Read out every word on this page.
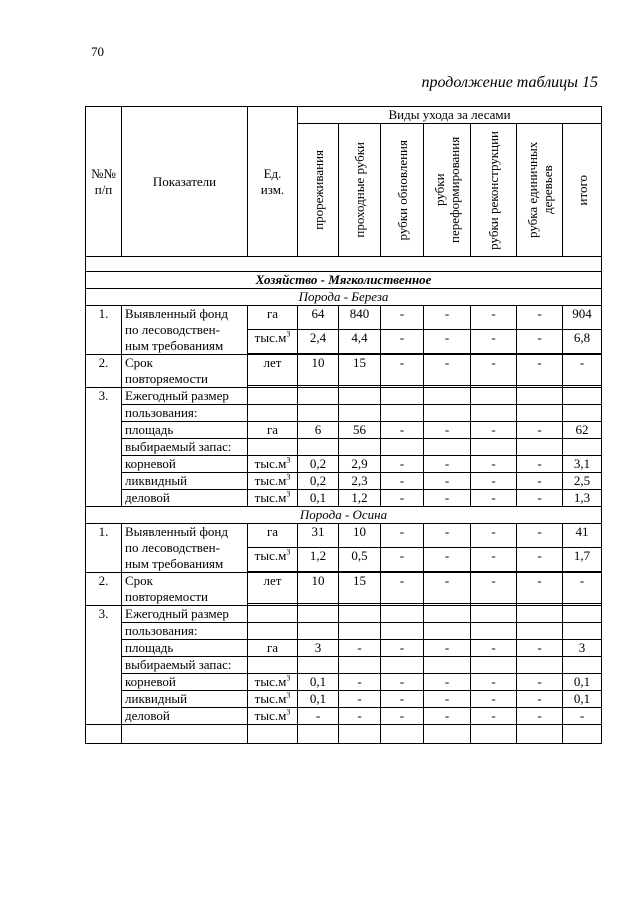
70
продолжение таблицы 15
№№ п/п	Показатели	Ед. изм.	Виды ухода за лесами						

			прореживания	проходные рубки	рубки обновления	рубки переформирования	рубки реконструкции	рубка единичных деревьев	итого

Хозяйство - Мягколиственное									
Порода - Береза									
1.	Выявленный фонд
по лесоводствен-
ным требованиям	га	64	840	-	-	-	-	904
		$тыс.м^3$	2,4	4,4	-	-	-	-	6,8

2.	Срок
повторяемости	лет	10	15	-	-	-	-	-

3.	Ежегодный размер								
	пользования:								
	площадь	га	6	56	-	-	-	-	62
	выбираемый запас:								
	корневой	$тыс.м^3$	0,2	2,9	-	-	-	-	3,1
	ликвидный	$тыс.м^3$	0,2	2,3	-	-	-	-	2,5
	деловой	$тыс.м^3$	0,1	1,2	-	-	-	-	1,3
Порода - Осина									
1.	Выявленный фонд
по лесоводствен-
ным требованиям	га	31	10	-	-	-	-	41
		$тыс.м^3$	1,2	0,5	-	-	-	-	1,7

2.	Срок
повторяемости	лет	10	15	-	-	-	-	-

3.	Ежегодный размер								
	пользования:								
	площадь	га	3	-	-	-	-	-	3
	выбираемый запас:								
	корневой	$тыс.м^3$	0,1	-	-	-	-	-	0,1
	ликвидный	$тыс.м^3$	0,1	-	-	-	-	-	0,1
	деловой	$тыс.м^3$	-	-	-	-	-	-	-
